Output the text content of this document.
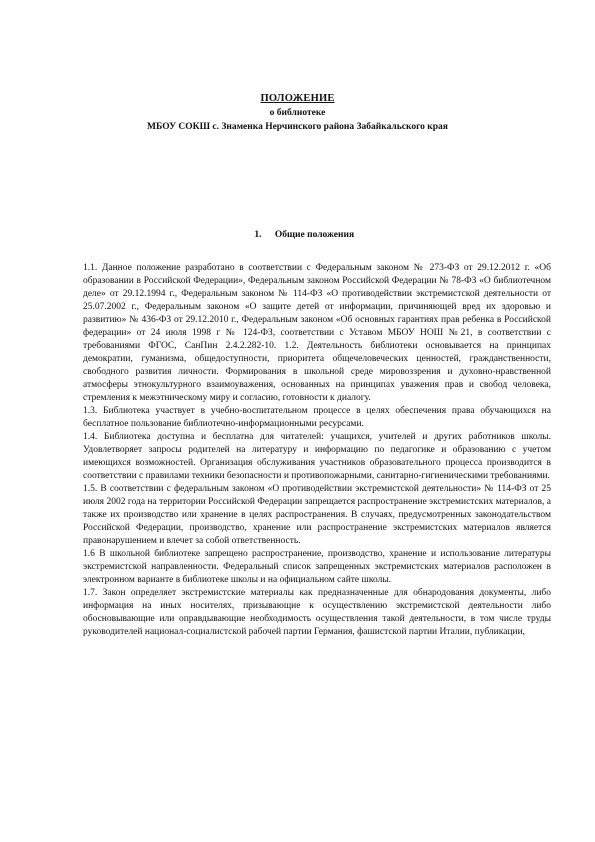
ПОЛОЖЕНИЕ

о библиотеке

МБОУ СОКШ с. Знаменка Нерчинского района Забайкальского края

1. Общие положения

1.1. Данное положение разработано в соответствии с Федеральным законом № 273-ФЗ от 29.12.2012 г. «Об образовании в Российской Федерации», Федеральным законом Российской Федерации № 78-ФЗ «О библиотечном деле» от 29.12.1994 г., Федеральным законом № 114-ФЗ «О противодействии экстремистской деятельности от 25.07.2002 г., Федеральным законом «О защите детей от информации, причиняющей вред их здоровью и развитию» № 436-ФЗ от 29.12.2010 г., Федеральным законом «Об основных гарантиях прав ребенка в Российской федерации» от 24 июля 1998 г № 124-ФЗ, соответствии с Уставом МБОУ НОШ №21, в соответствии с требованиями ФГОС, СанПин 2.4.2.282-10. 1.2. Деятельность библиотеки основывается на принципах демократии, гуманизма, общедоступности, приоритета общечеловеческих ценностей, гражданственности, свободного развития личности. Формирования в школьной среде мировоззрения и духовно-нравственной атмосферы этнокультурного взаимоуважения, основанных на принципах уважения прав и свобод человека, стремления к межэтническому миру и согласию, готовности к диалогу.

1.3. Библиотека участвует в учебно-воспитательном процессе в целях обеспечения права обучающихся на бесплатное пользование библиотечно-информационными ресурсами.

1.4. Библиотека доступна и бесплатна для читателей: учащихся, учителей и других работников школы. Удовлетворяет запросы родителей на литературу и информацию по педагогике и образованию с учетом имеющихся возможностей. Организация обслуживания участников образовательного процесса производится в соответствии с правилами техники безопасности и противопожарными, санитарно-гигиеническими требованиями.

1.5. В соответствии с федеральным законом «О противодействии экстремистской деятельности» № 114-ФЗ от 25 июля 2002 года на территории Российской Федерации запрещается распространение экстремистских материалов, а также их производство или хранение в целях распространения. В случаях, предусмотренных законодательством Российской Федерации, производство, хранение или распространение экстремистских материалов является правонарушением и влечет за собой ответственность.

1.6 В школьной библиотеке запрещено распространение, производство, хранение и использование литературы экстремистской направленности. Федеральный список запрещенных экстремистских материалов расположен в электронном варианте в библиотеке школы и на официальном сайте школы.

1.7. Закон определяет экстремистские материалы как предназначенные для обнародования документы, либо информация на иных носителях, призывающие к осуществлению экстремистской деятельности либо обосновывающие или оправдывающие необходимость осуществления такой деятельности, в том числе труды руководителей национал-социалистской рабочей партии Германия, фашистской партии Италии, публикации,
